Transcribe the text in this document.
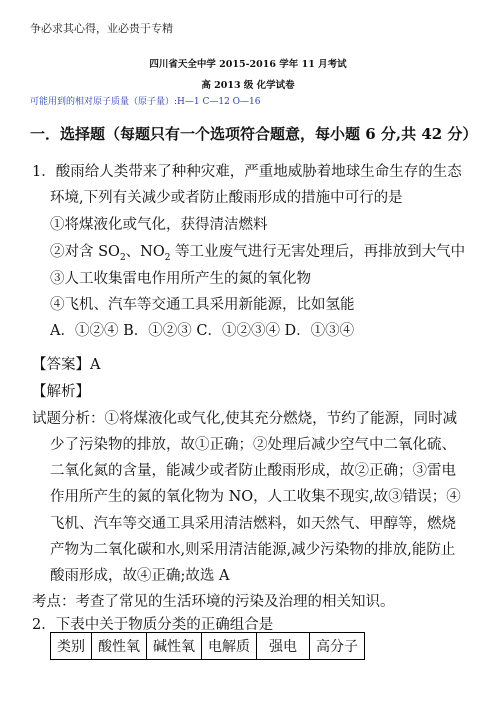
争必求其心得，业必贵于专精
四川省天全中学 2015-2016 学年 11 月考试
高 2013 级 化学试卷
可能用到的相对原子质量（原子量）:H—1 C—12 O—16
一．选择题（每题只有一个选项符合题意，每小题 6 分,共 42 分）
1．酸雨给人类带来了种种灾难，严重地威胁着地球生命生存的生态
环境,下列有关减少或者防止酸雨形成的措施中可行的是
①将煤液化或气化，获得清洁燃料
②对含 $SO_2$、$NO_2$ 等工业废气进行无害处理后，再排放到大气中
③人工收集雷电作用所产生的氮的氧化物
④飞机、汽车等交通工具采用新能源，比如氢能
A．①②④ B．①②③ C．①②③④ D．①③④
【答案】A
【解析】
试题分析：①将煤液化或气化,使其充分燃烧，节约了能源，同时减
少了污染物的排放，故①正确；②处理后减少空气中二氧化硫、
二氧化氮的含量，能减少或者防止酸雨形成，故②正确；③雷电
作用所产生的氮的氧化物为 NO，人工收集不现实,故③错误；④
飞机、汽车等交通工具采用清洁燃料，如天然气、甲醇等，燃烧
产物为二氧化碳和水,则采用清洁能源,减少污染物的排放,能防止
酸雨形成，故④正确;故选 A
考点：考查了常见的生活环境的污染及治理的相关知识。
2．下表中关于物质分类的正确组合是
类别	酸性氧	碱性氧	电解质	强电	高分子
